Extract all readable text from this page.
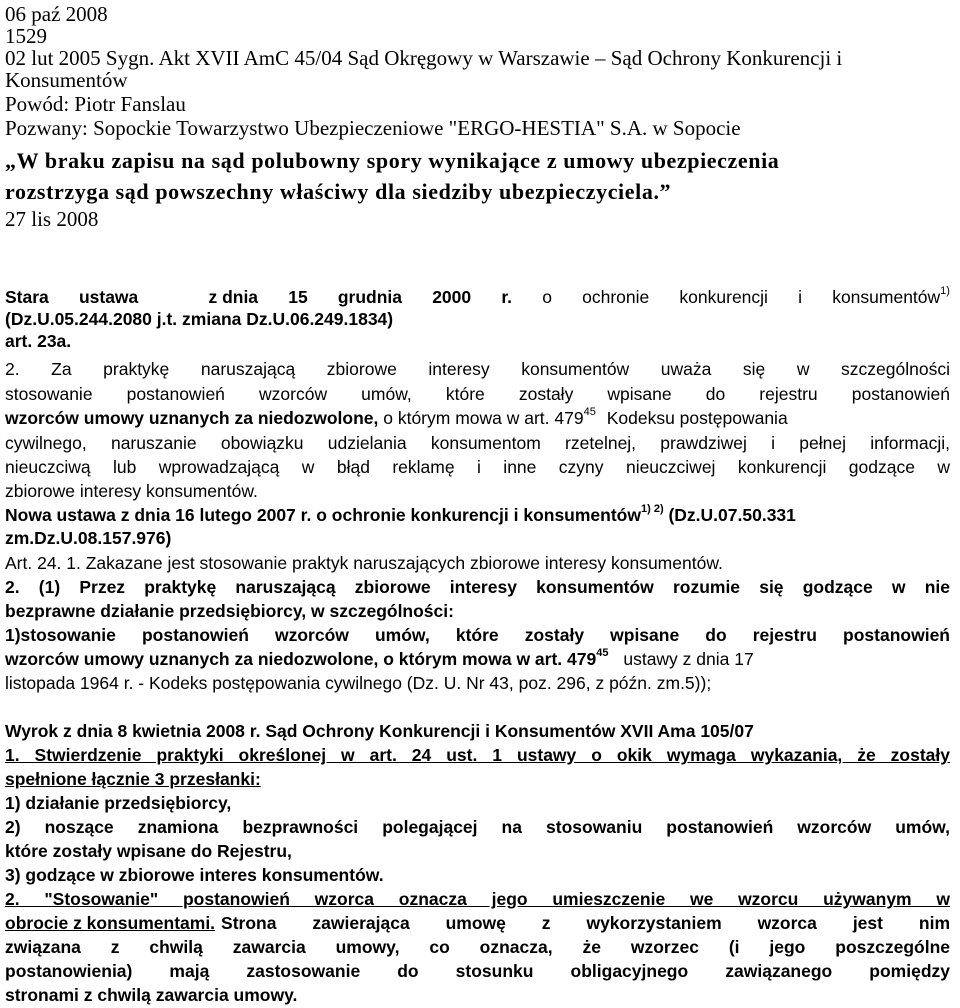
06 paź 2008
1529
02 lut 2005 Sygn. Akt XVII AmC 45/04 Sąd Okręgowy w Warszawie – Sąd Ochrony Konkurencji i
Konsumentów
Powód: Piotr Fanslau
Pozwany: Sopockie Towarzystwo Ubezpieczeniowe "ERGO-HESTIA" S.A. w Sopocie
„W braku zapisu na sąd polubowny spory wynikające z umowy ubezpieczenia
rozstrzyga sąd powszechny właściwy dla siedziby ubezpieczyciela.”
27 lis 2008
Stara ustawa	z dnia 15 grudnia 2000 r. o ochronie konkurencji i konsumentów$^{1)}$
(Dz.U.05.244.2080 j.t. zmiana Dz.U.06.249.1834)
art. 23a.
2. Za praktykę naruszającą zbiorowe interesy konsumentów uważa się w szczególności
stosowanie postanowień wzorców umów, które zostały wpisane do rejestru postanowień
wzorców umowy uznanych za niedozwolone, o którym mowa w art. $479^{45}$ Kodeksu postępowania
cywilnego, naruszanie obowiązku udzielania konsumentom rzetelnej, prawdziwej i pełnej informacji,
nieuczciwą lub wprowadzającą w błąd reklamę i inne czyny nieuczciwej konkurencji godzące w
zbiorowe interesy konsumentów.
Nowa ustawa z dnia 16 lutego 2007 r. o ochronie konkurencji i konsumentów$^{1) 2)}$ (Dz.U.07.50.331
zm.Dz.U.08.157.976)
Art. 24. 1. Zakazane jest stosowanie praktyk naruszających zbiorowe interesy konsumentów.
2. (1) Przez praktykę naruszającą zbiorowe interesy konsumentów rozumie się godzące w nie
bezprawne działanie przedsiębiorcy, w szczególności:
1)stosowanie postanowień wzorców umów, które zostały wpisane do rejestru postanowień
wzorców umowy uznanych za niedozwolone, o którym mowa w art. $479^{45}$ ustawy z dnia 17
listopada 1964 r. - Kodeks postępowania cywilnego (Dz. U. Nr 43, poz. 296, z późn. zm.5));
Wyrok z dnia 8 kwietnia 2008 r. Sąd Ochrony Konkurencji i Konsumentów XVII Ama 105/07
1. Stwierdzenie praktyki określonej w art. 24 ust. 1 ustawy o okik wymaga wykazania, że zostały
spełnione łącznie 3 przesłanki:
1) działanie przedsiębiorcy,
2) noszące znamiona bezprawności polegającej na stosowaniu postanowień wzorców umów,
które zostały wpisane do Rejestru,
3) godzące w zbiorowe interes konsumentów.
2. "Stosowanie" postanowień wzorca oznacza jego umieszczenie we wzorcu używanym w
obrocie z konsumentami. Strona zawierająca umowę z wykorzystaniem wzorca jest nim
związana z chwilą zawarcia umowy, co oznacza, że wzorzec (i jego poszczególne
postanowienia) mają zastosowanie do stosunku obligacyjnego zawiązanego pomiędzy
stronami z chwilą zawarcia umowy.
